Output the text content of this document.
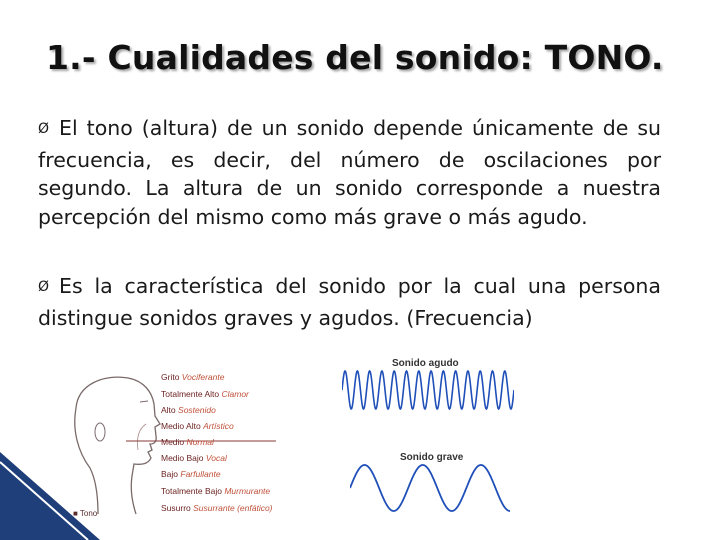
1.- Cualidades del sonido: TONO.
Ø El tono (altura) de un sonido depende únicamente de su frecuencia, es decir, del número de oscilaciones por segundo. La altura de un sonido corresponde a nuestra percepción del mismo como más grave o más agudo.
Ø Es la característica del sonido por la cual una persona distingue sonidos graves y agudos. (Frecuencia)
Grito Vociferante
Totalmente Alto Clamor
Alto Sostenido
Medio Alto Artístico
Medio Normal
Medio Bajo Vocal
Bajo Farfullante
Totalmente Bajo Murmurante
Susurro Susurrante (enfático)
■ Tono
Sonido agudo
Sonido grave
